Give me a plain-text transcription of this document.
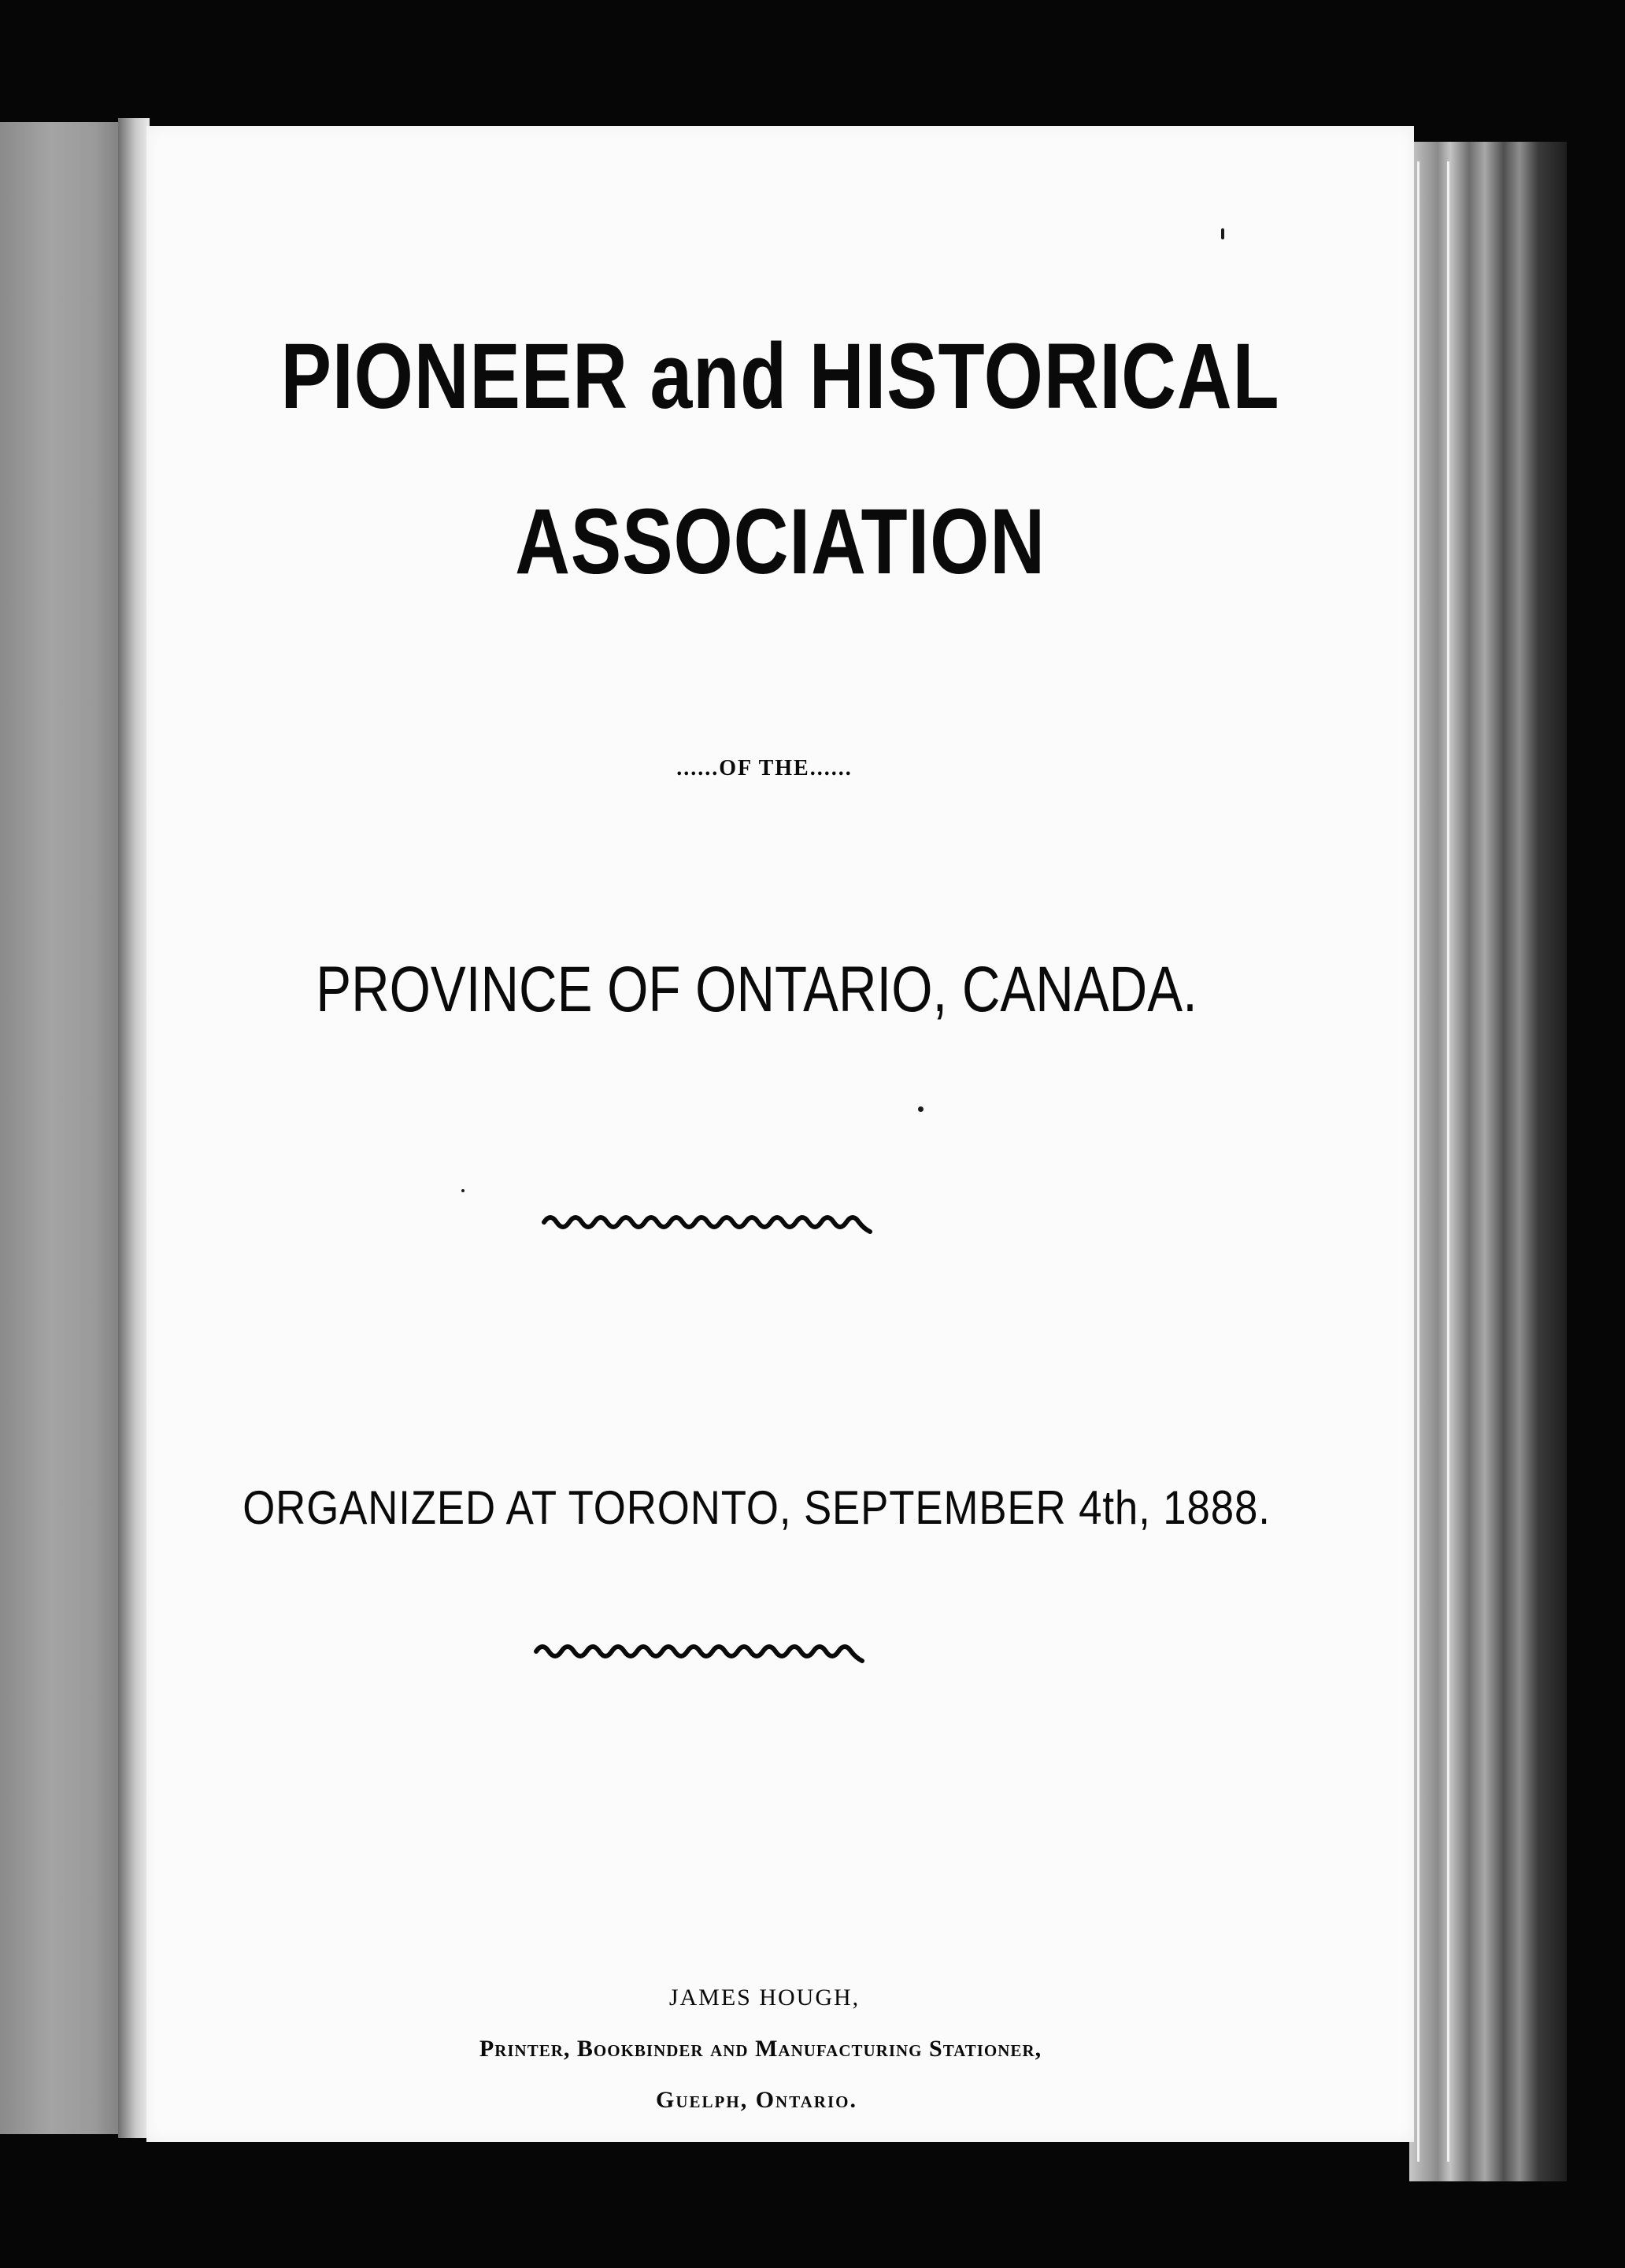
PIONEER and HISTORICAL
ASSOCIATION

......OF THE......

PROVINCE OF ONTARIO, CANADA.

ORGANIZED AT TORONTO, SEPTEMBER 4th, 1888.

JAMES HOUGH,

Printer, Bookbinder and Manufacturing Stationer,

Guelph, Ontario.
